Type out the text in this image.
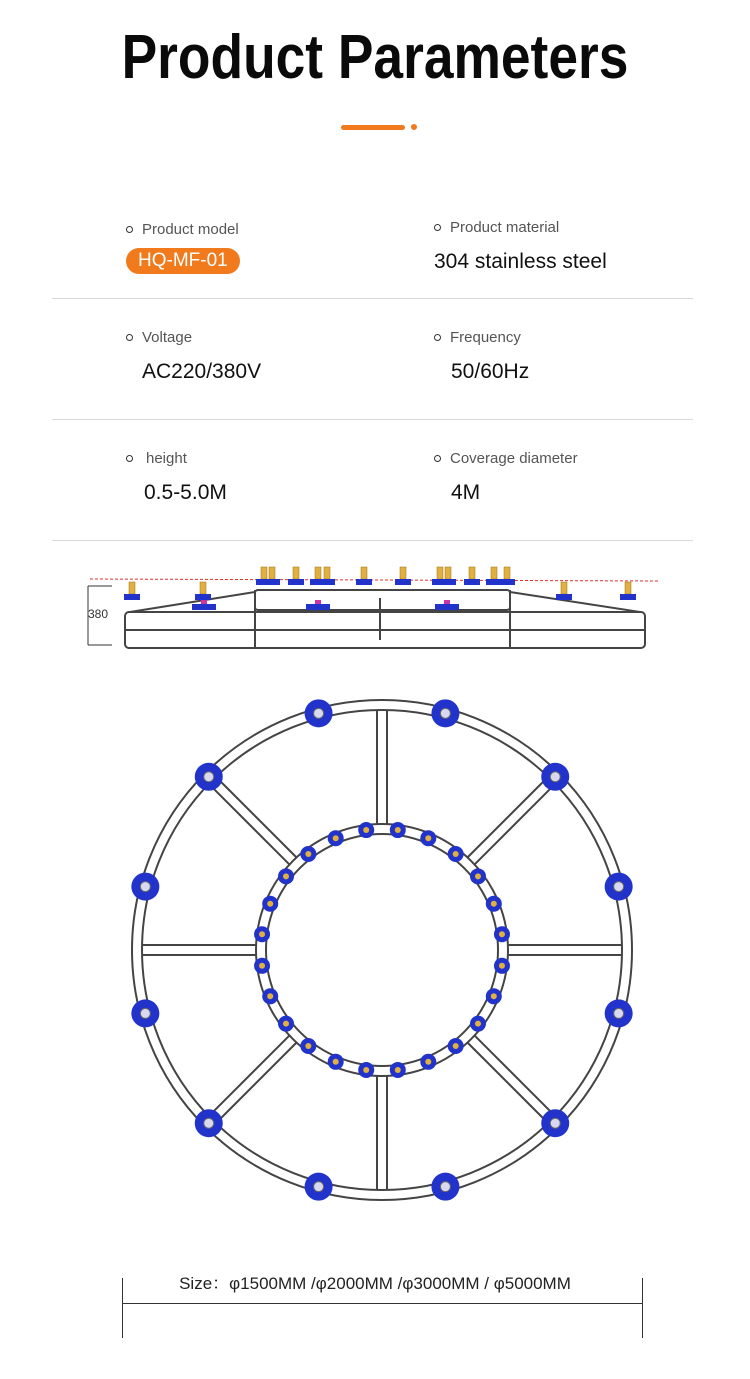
Product Parameters
Product model
HQ-MF-01
Product material
304 stainless steel
Voltage
AC220/380V
Frequency
50/60Hz
height
0.5-5.0M
Coverage diameter
4M
380
Size：φ1500MM /φ2000MM /φ3000MM / φ5000MM
